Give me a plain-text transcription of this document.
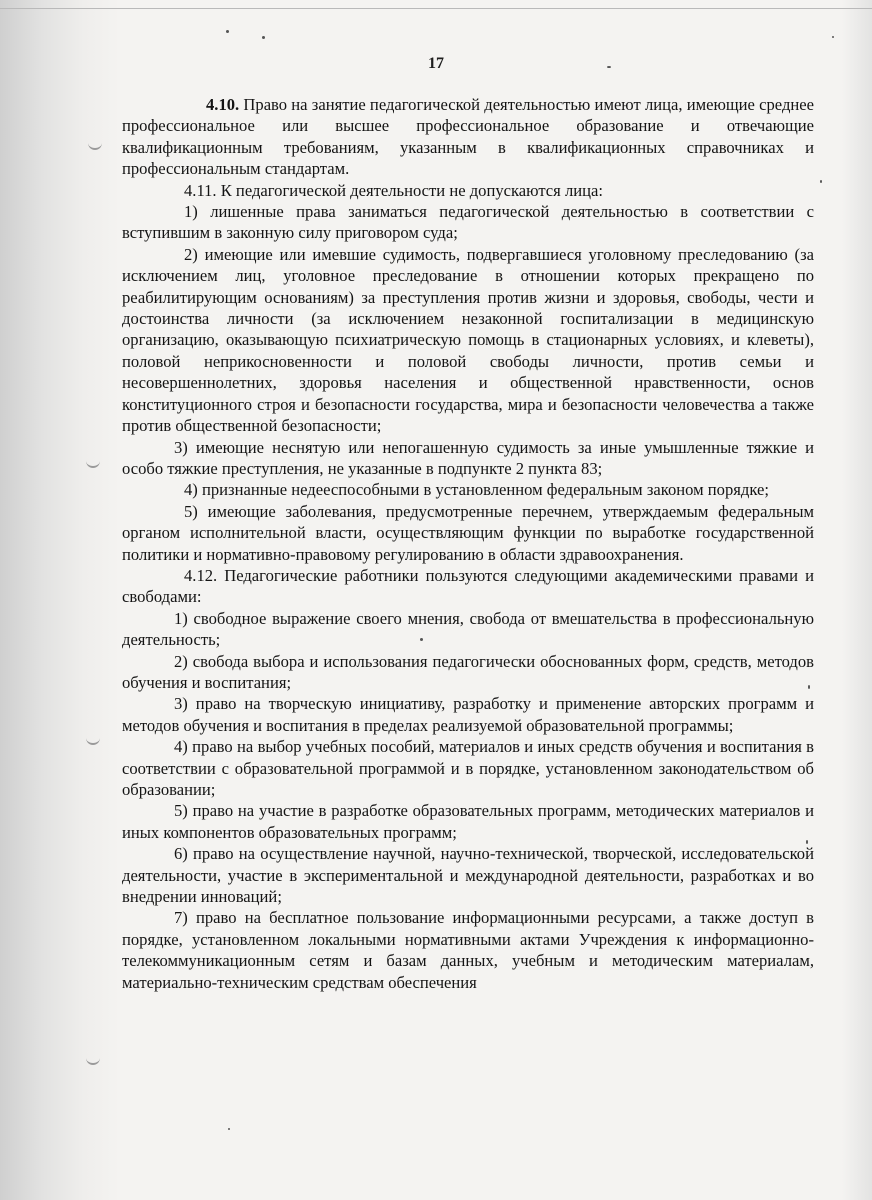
17

4.10. Право на занятие педагогической деятельностью имеют лица, имеющие среднее профессиональное или высшее профессиональное образование и отвечающие квалификационным требованиям, указанным в квалификационных справочниках и профессиональным стандартам.

4.11. К педагогической деятельности не допускаются лица:

1) лишенные права заниматься педагогической деятельностью в соответствии с вступившим в законную силу приговором суда;

2) имеющие или имевшие судимость, подвергавшиеся уголовному преследованию (за исключением лиц, уголовное преследование в отношении которых прекращено по реабилитирующим основаниям) за преступления против жизни и здоровья, свободы, чести и достоинства личности (за исключением незаконной госпитализации в медицинскую организацию, оказывающую психиатрическую помощь в стационарных условиях, и клеветы), половой неприкосновенности и половой свободы личности, против семьи и несовершеннолетних, здоровья населения и общественной нравственности, основ конституционного строя и безопасности государства, мира и безопасности человечества а также против общественной безопасности;

3) имеющие неснятую или непогашенную судимость за иные умышленные тяжкие и особо тяжкие преступления, не указанные в подпункте 2 пункта 83;

4) признанные недееспособными в установленном федеральным законом порядке;

5) имеющие заболевания, предусмотренные перечнем, утверждаемым федеральным органом исполнительной власти, осуществляющим функции по выработке государственной политики и нормативно-правовому регулированию в области здравоохранения.

4.12. Педагогические работники пользуются следующими академическими правами и свободами:

1) свободное выражение своего мнения, свобода от вмешательства в профессиональную деятельность;

2) свобода выбора и использования педагогически обоснованных форм, средств, методов обучения и воспитания;

3) право на творческую инициативу, разработку и применение авторских программ и методов обучения и воспитания в пределах реализуемой образовательной программы;

4) право на выбор учебных пособий, материалов и иных средств обучения и воспитания в соответствии с образовательной программой и в порядке, установленном законодательством об образовании;

5) право на участие в разработке образовательных программ, методических материалов и иных компонентов образовательных программ;

6) право на осуществление научной, научно-технической, творческой, исследовательской деятельности, участие в экспериментальной и международной деятельности, разработках и во внедрении инноваций;

7) право на бесплатное пользование информационными ресурсами, а также доступ в порядке, установленном локальными нормативными актами Учреждения к информационно-телекоммуникационным сетям и базам данных, учебным и методическим материалам, материально-техническим средствам обеспечения
